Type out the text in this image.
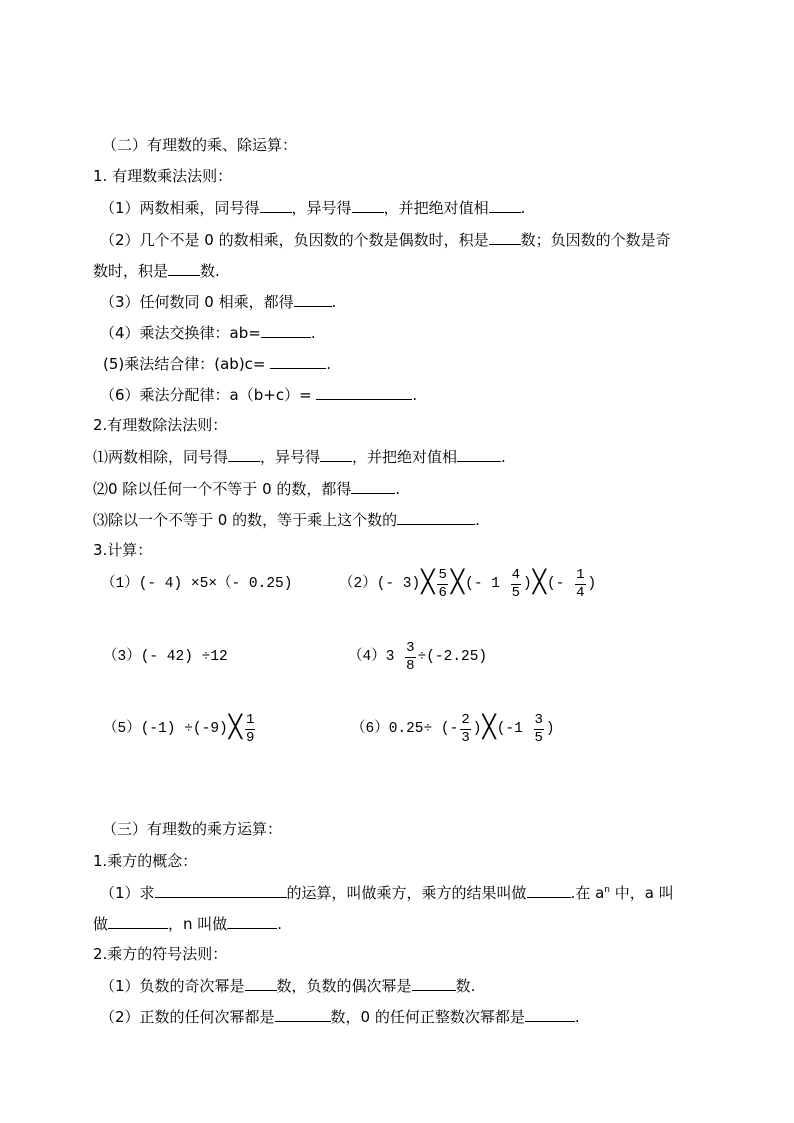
（二）有理数的乘、除运算：
1. 有理数乘法法则：
（1）两数相乘，同号得 ，异号得 ，并把绝对值相 .
（2）几个不是 0 的数相乘，负因数的个数是偶数时，积是 数；负因数的个数是奇
数时，积是 数.
（3）任何数同 0 相乘，都得	.
（4）乘法交换律：ab=	.
(5)乘法结合律：(ab)c=	.
（6）乘法分配律：a（b+c）=	.
2.有理数除法法则：
⑴两数相除，同号得 ，异号得 ，并把绝对值相	.
⑵0 除以任何一个不等于 0 的数，都得	.
⑶除以一个不等于 0 的数，等于乘上这个数的	.
3.计算：
（1）(- 4) ×5×（- 0.25)	（2）(- 3) ╳ $\frac{5}{6}$ ╳ (- 1
$\frac{4}{5}$ ) ╳ (-
$\frac{1}{4}$ )
（3）(- 42) ÷12	（4）3
$\frac{3}{8} \div(-2.25)$
（5）(-1) ÷(-9) ╳ $\frac{1}{9}$	（6）0.25÷ (- $\frac{2}{3}$ ) ╳ (-1
$\frac{3}{5}$ )
（三）有理数的乘方运算：
1.乘方的概念：
（1）求	的运算，叫做乘方，乘方的结果叫做	.在 $a^n$ 中，a 叫
做	，n 叫做	.
2.乘方的符号法则：
（1）负数的奇次幂是 数，负数的偶次幂是	数.
（2）正数的任何次幂都是	数，0 的任何正整数次幂都是	.
